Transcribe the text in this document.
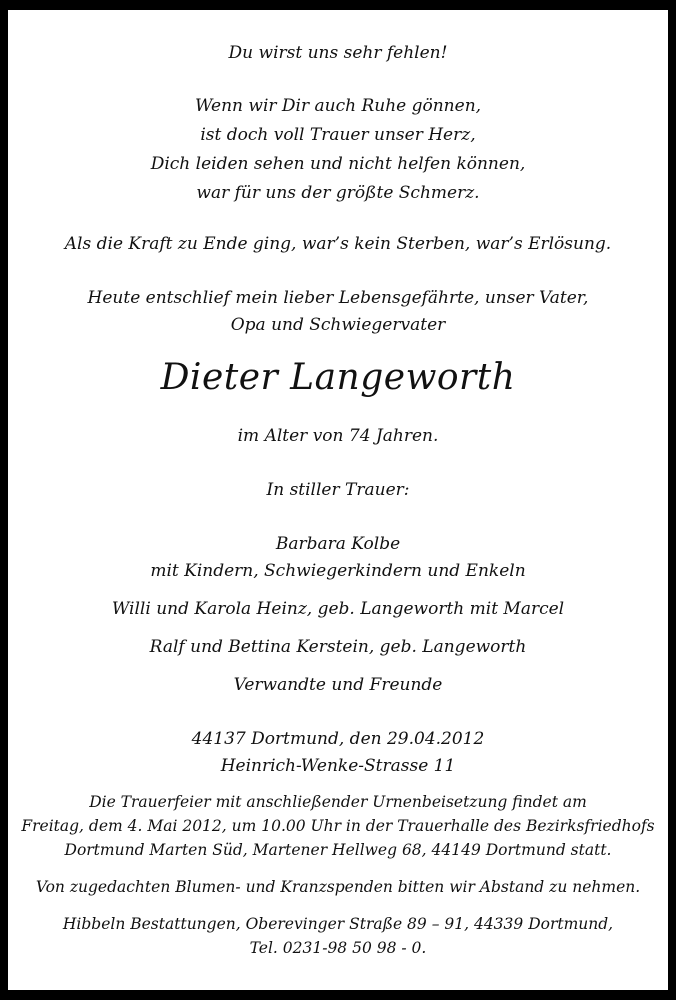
Du wirst uns sehr fehlen!

Wenn wir Dir auch Ruhe gönnen,

ist doch voll Trauer unser Herz,

Dich leiden sehen und nicht helfen können,

war für uns der größte Schmerz.

Als die Kraft zu Ende ging, war’s kein Sterben, war’s Erlösung.

Heute entschlief mein lieber Lebensgefährte, unser Vater,

Opa und Schwiegervater

Dieter Langeworth

im Alter von 74 Jahren.

In stiller Trauer:

Barbara Kolbe

mit Kindern, Schwiegerkindern und Enkeln

Willi und Karola Heinz, geb. Langeworth mit Marcel

Ralf und Bettina Kerstein, geb. Langeworth

Verwandte und Freunde

44137 Dortmund, den 29.04.2012

Heinrich-Wenke-Strasse 11

Die Trauerfeier mit anschließender Urnenbeisetzung findet am

Freitag, dem 4. Mai 2012, um 10.00 Uhr in der Trauerhalle des Bezirksfriedhofs

Dortmund Marten Süd, Martener Hellweg 68, 44149 Dortmund statt.

Von zugedachten Blumen- und Kranzspenden bitten wir Abstand zu nehmen.

Hibbeln Bestattungen, Oberevinger Straße 89 – 91, 44339 Dortmund,

Tel. 0231-98 50 98 - 0.
